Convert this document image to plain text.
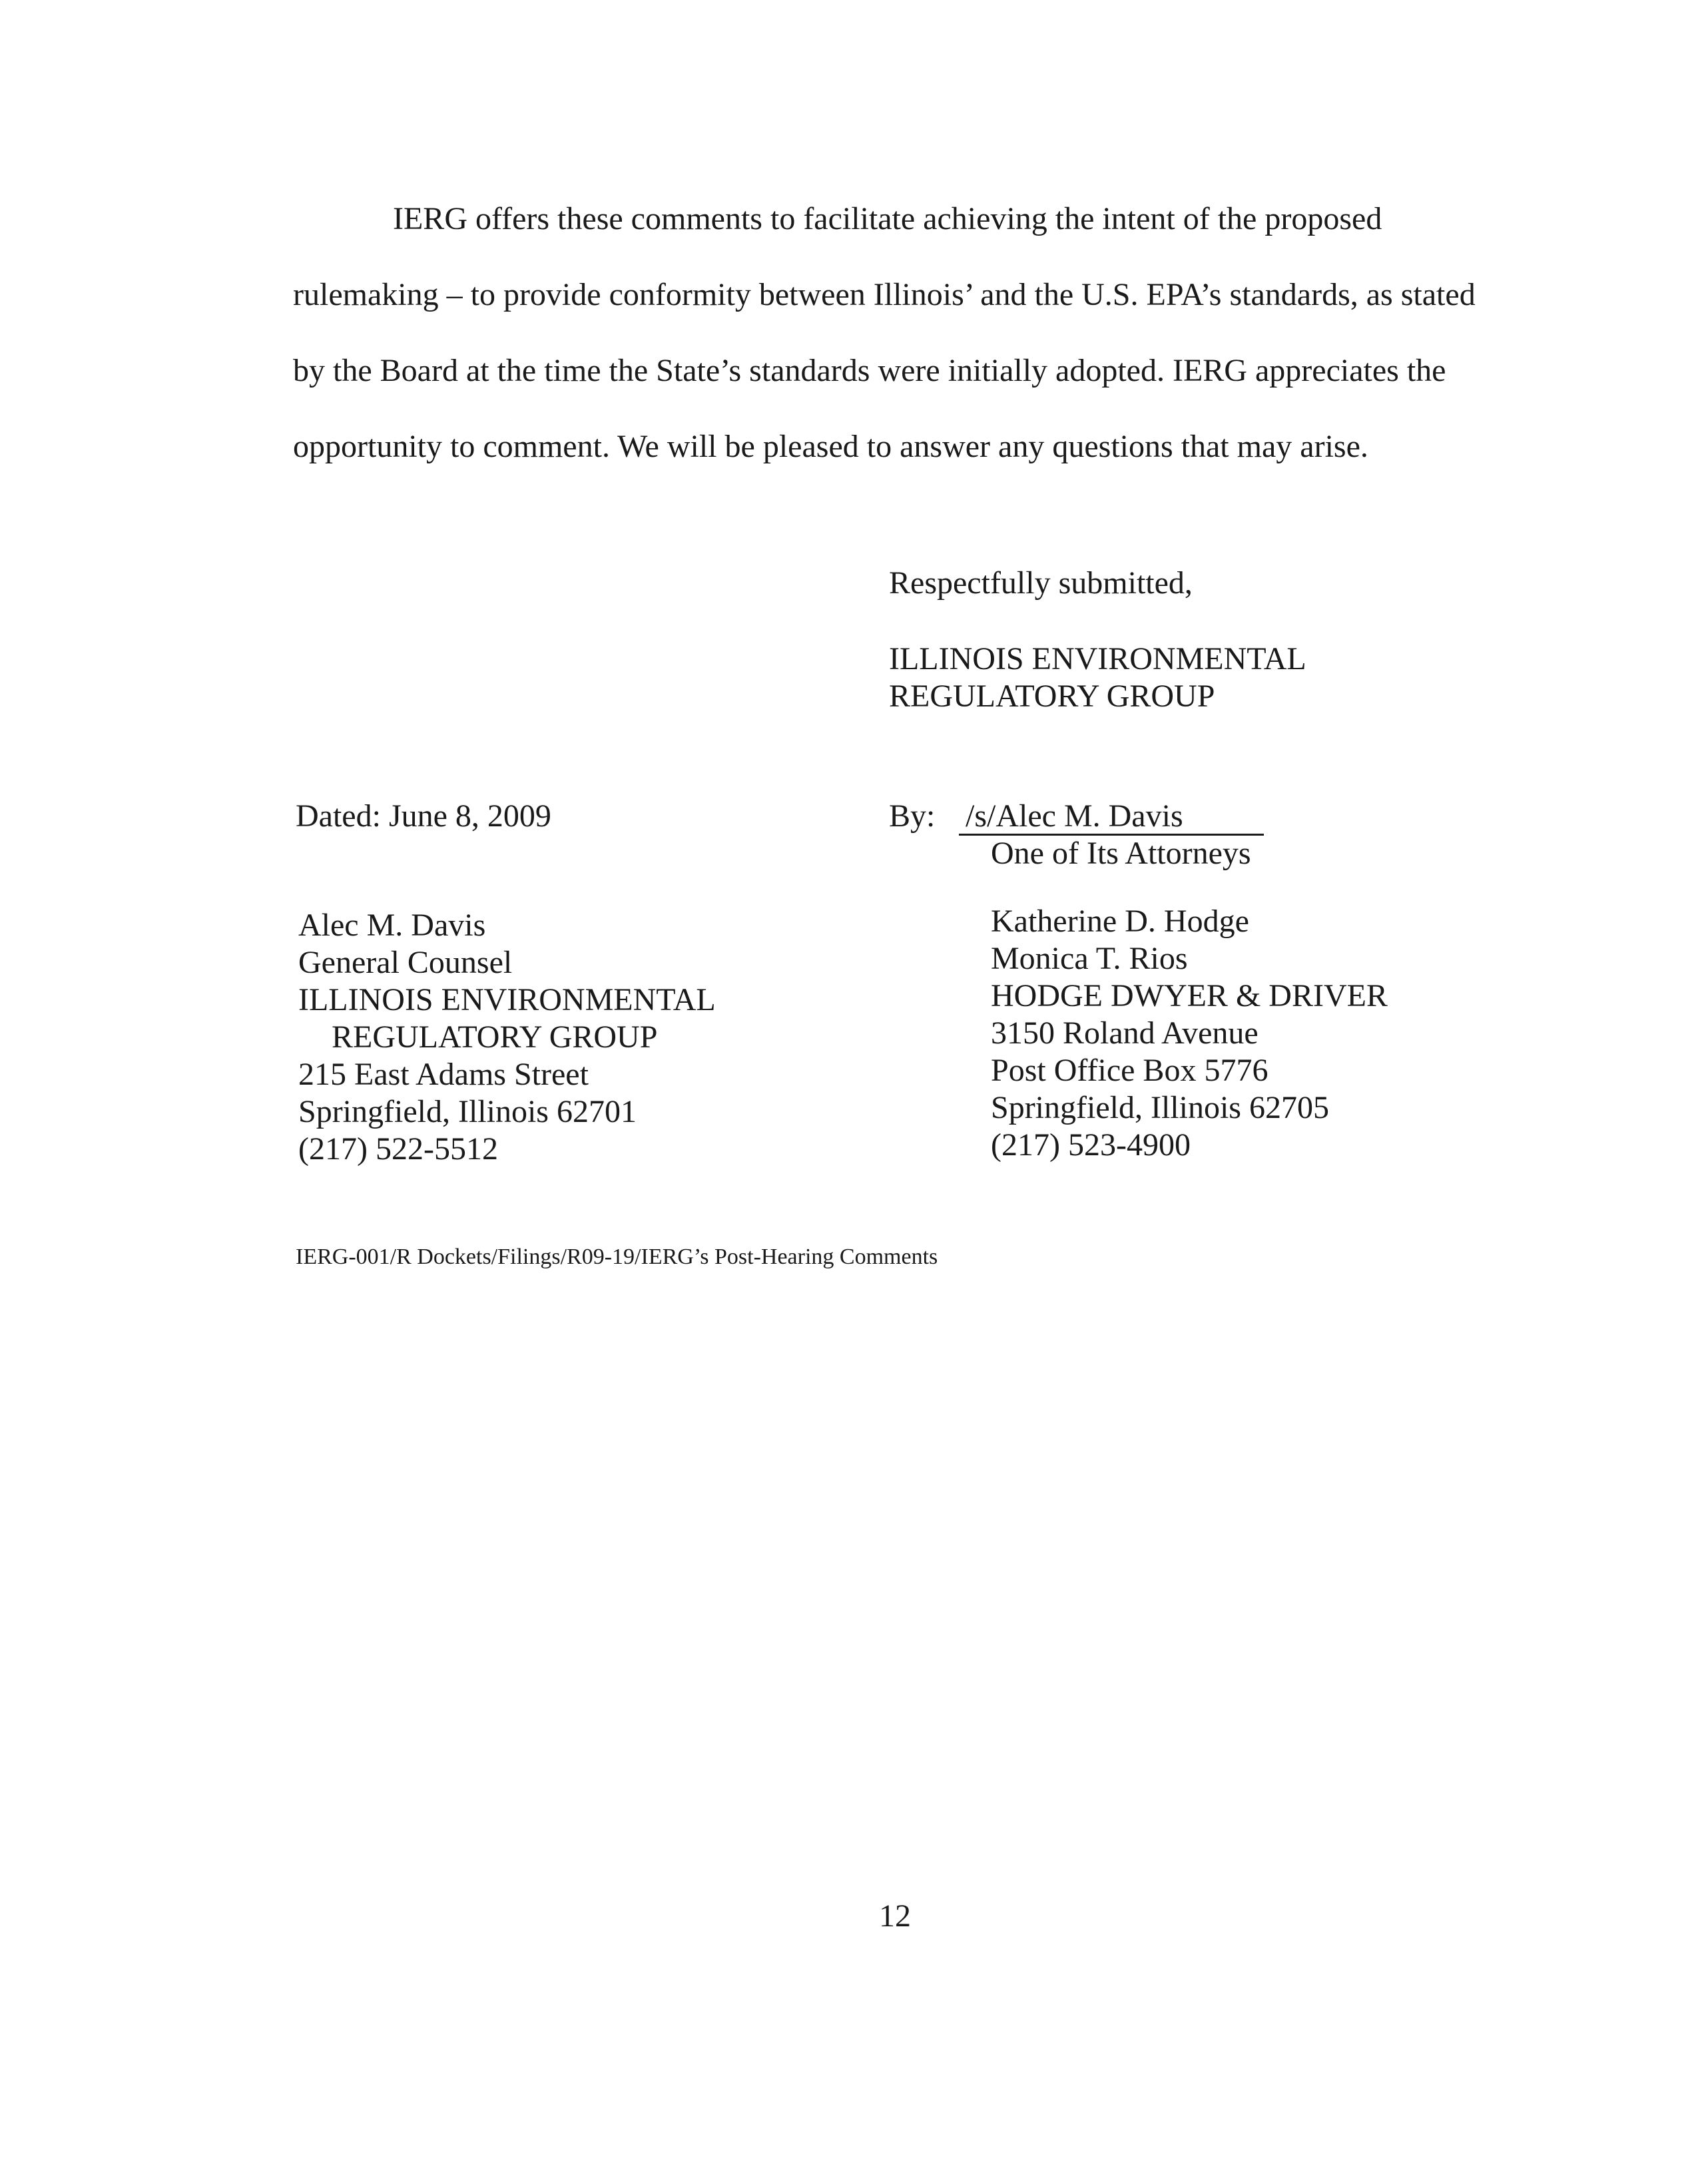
IERG offers these comments to facilitate achieving the intent of the proposed rulemaking – to provide conformity between Illinois’ and the U.S. EPA’s standards, as stated by the Board at the time the State’s standards were initially adopted. IERG appreciates the opportunity to comment. We will be pleased to answer any questions that may arise.

Respectfully submitted,
ILLINOIS ENVIRONMENTAL
REGULATORY GROUP
Dated: June 8, 2009	By: /s/Alec M. Davis
One of Its Attorneys
Alec M. Davis
General Counsel
ILLINOIS ENVIRONMENTAL
REGULATORY GROUP
215 East Adams Street
Springfield, Illinois 62701
(217) 522-5512
Katherine D. Hodge
Monica T. Rios
HODGE DWYER & DRIVER
3150 Roland Avenue
Post Office Box 5776
Springfield, Illinois 62705
(217) 523-4900

IERG-001/R Dockets/Filings/R09-19/IERG’s Post-Hearing Comments

12
